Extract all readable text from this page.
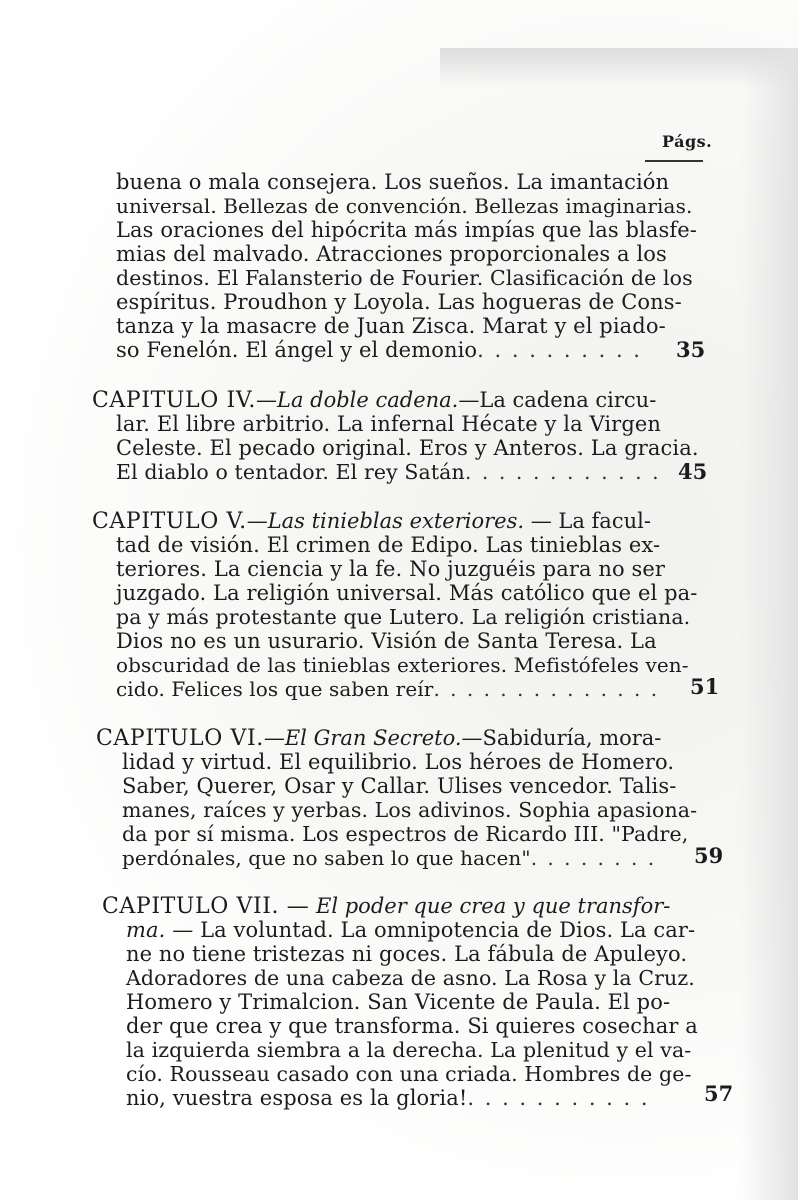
Págs.
buena o mala consejera. Los sueños. La imantación
universal. Bellezas de convención. Bellezas imaginarias.
Las oraciones del hipócrita más impías que las blasfe-
mias del malvado. Atracciones proporcionales a los
destinos. El Falansterio de Fourier. Clasificación de los
espíritus. Proudhon y Loyola. Las hogueras de Cons-
tanza y la masacre de Juan Zisca. Marat y el piado-
so Fenelón. El ángel y el demonio. . . . . . . . . . 35
CAPITULO IV.—La doble cadena.—La cadena circu-
lar. El libre arbitrio. La infernal Hécate y la Virgen
Celeste. El pecado original. Eros y Anteros. La gracia.
El diablo o tentador. El rey Satán. . . . . . . . . . . . 45
CAPITULO V.—Las tinieblas exteriores. — La facul-
tad de visión. El crimen de Edipo. Las tinieblas ex-
teriores. La ciencia y la fe. No juzguéis para no ser
juzgado. La religión universal. Más católico que el pa-
pa y más protestante que Lutero. La religión cristiana.
Dios no es un usurario. Visión de Santa Teresa. La
obscuridad de las tinieblas exteriores. Mefistófeles ven-
cido. Felices los que saben reír. . . . . . . . . . . . . . 51
CAPITULO VI.—El Gran Secreto.—Sabiduría, mora-
lidad y virtud. El equilibrio. Los héroes de Homero.
Saber, Querer, Osar y Callar. Ulises vencedor. Talis-
manes, raíces y yerbas. Los adivinos. Sophia apasiona-
da por sí misma. Los espectros de Ricardo III. "Padre,
perdónales, que no saben lo que hacen". . . . . . . . 59
CAPITULO VII. — El poder que crea y que transfor-
ma. — La voluntad. La omnipotencia de Dios. La car-
ne no tiene tristezas ni goces. La fábula de Apuleyo.
Adoradores de una cabeza de asno. La Rosa y la Cruz.
Homero y Trimalcion. San Vicente de Paula. El po-
der que crea y que transforma. Si quieres cosechar a
la izquierda siembra a la derecha. La plenitud y el va-
cío. Rousseau casado con una criada. Hombres de ge-
nio, vuestra esposa es la gloria!. . . . . . . . . . .	57
